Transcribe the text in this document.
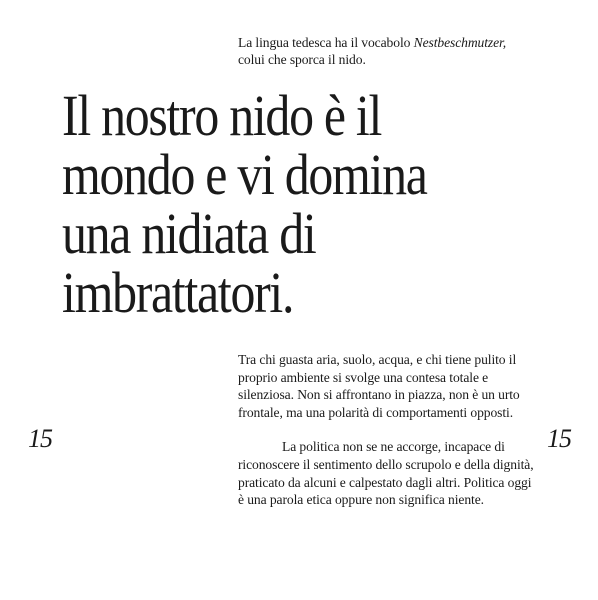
La lingua tedesca ha il vocabolo Nestbeschmutzer,
colui che sporca il nido.
Il nostro nido è il
mondo e vi domina
una nidiata di
imbrattatori.

Tra chi guasta aria, suolo, acqua, e chi tiene pulito il proprio ambiente si svolge una contesa totale e silenziosa. Non si affrontano in piazza, non è un urto frontale, ma una polarità di comportamenti opposti.

La politica non se ne accorge, incapace di riconoscere il sentimento dello scrupolo e della dignità, praticato da alcuni e calpestato dagli altri. Politica oggi è una parola etica oppure non significa niente.

15	15
